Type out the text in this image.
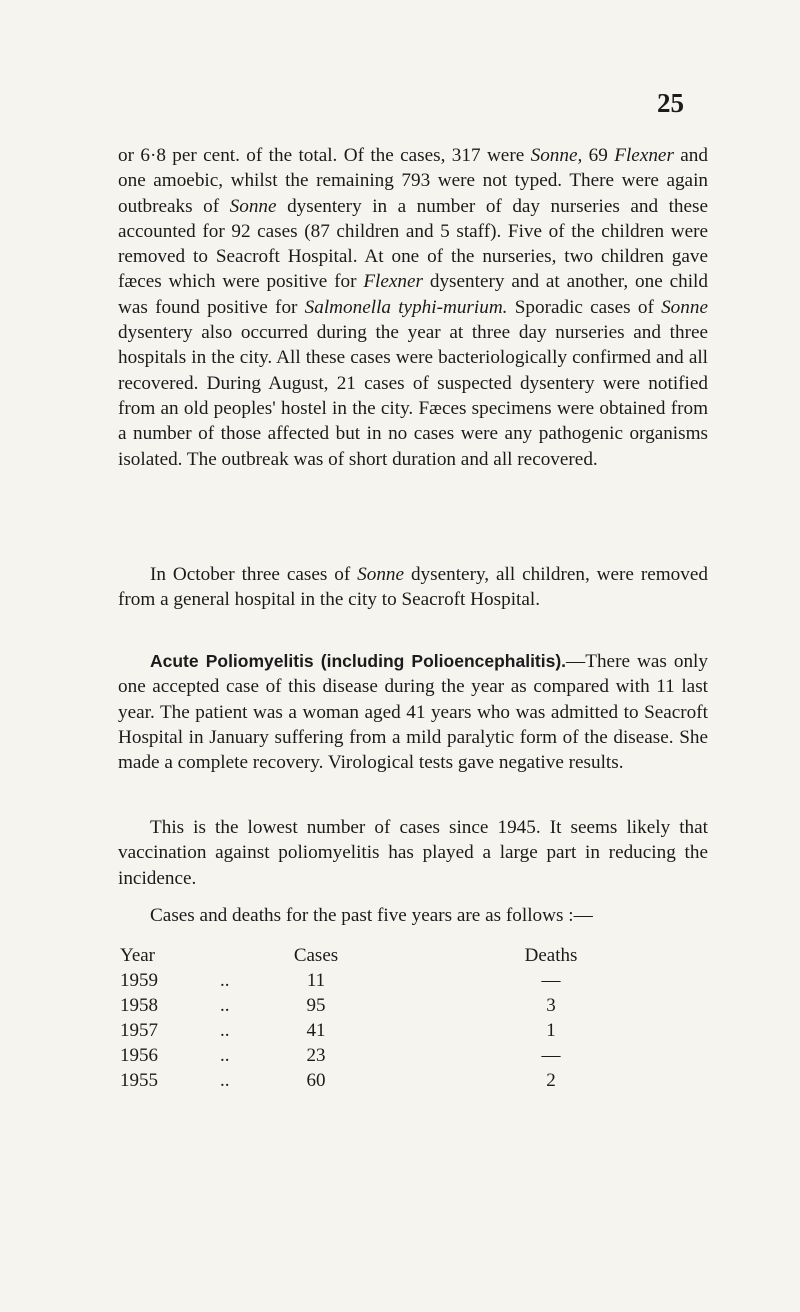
25
or 6·8 per cent. of the total. Of the cases, 317 were Sonne, 69 Flexner and one amoebic, whilst the remaining 793 were not typed. There were again outbreaks of Sonne dysentery in a number of day nurseries and these accounted for 92 cases (87 children and 5 staff). Five of the children were removed to Seacroft Hospital. At one of the nurseries, two children gave fæces which were positive for Flexner dysentery and at another, one child was found positive for Salmonella typhi-murium. Sporadic cases of Sonne dysentery also occurred during the year at three day nurseries and three hospitals in the city. All these cases were bacteriologically confirmed and all recovered. During August, 21 cases of suspected dysentery were notified from an old peoples' hostel in the city. Fæces specimens were obtained from a number of those affected but in no cases were any pathogenic organisms isolated. The outbreak was of short duration and all recovered.
In October three cases of Sonne dysentery, all children, were removed from a general hospital in the city to Seacroft Hospital.
Acute Poliomyelitis (including Polioencephalitis).—There was only one accepted case of this disease during the year as compared with 11 last year. The patient was a woman aged 41 years who was admitted to Seacroft Hospital in January suffering from a mild paralytic form of the disease. She made a complete recovery. Virological tests gave negative results.
This is the lowest number of cases since 1945. It seems likely that vaccination against poliomyelitis has played a large part in reducing the incidence.
Cases and deaths for the past five years are as follows :—
Year		Cases	Deaths
1959	..	11	—
1958	..	95	3
1957	..	41	1
1956	..	23	—
1955	..	60	2
